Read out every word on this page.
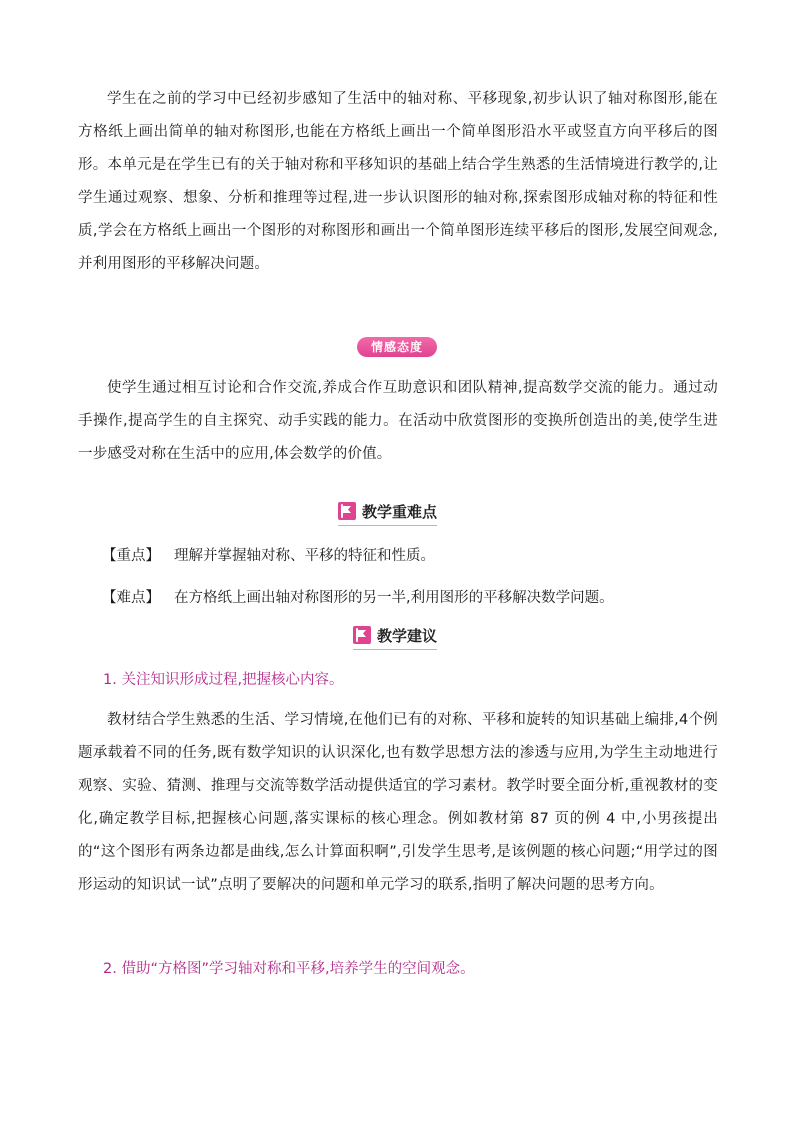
学生在之前的学习中已经初步感知了生活中的轴对称、平移现象,初步认识了轴对称图形,能在方格纸上画出简单的轴对称图形,也能在方格纸上画出一个简单图形沿水平或竖直方向平移后的图形。本单元是在学生已有的关于轴对称和平移知识的基础上结合学生熟悉的生活情境进行教学的,让学生通过观察、想象、分析和推理等过程,进一步认识图形的轴对称,探索图形成轴对称的特征和性质,学会在方格纸上画出一个图形的对称图形和画出一个简单图形连续平移后的图形,发展空间观念,并利用图形的平移解决问题。

情感态度

使学生通过相互讨论和合作交流,养成合作互助意识和团队精神,提高数学交流的能力。通过动手操作,提高学生的自主探究、动手实践的能力。在活动中欣赏图形的变换所创造出的美,使学生进一步感受对称在生活中的应用,体会数学的价值。

教学重难点

【重点】 理解并掌握轴对称、平移的特征和性质。

【难点】 在方格纸上画出轴对称图形的另一半,利用图形的平移解决数学问题。

教学建议

1. 关注知识形成过程,把握核心内容。

教材结合学生熟悉的生活、学习情境,在他们已有的对称、平移和旋转的知识基础上编排,4个例题承载着不同的任务,既有数学知识的认识深化,也有数学思想方法的渗透与应用,为学生主动地进行观察、实验、猜测、推理与交流等数学活动提供适宜的学习素材。教学时要全面分析,重视教材的变化,确定教学目标,把握核心问题,落实课标的核心理念。例如教材第 87 页的例 4 中,小男孩提出的“这个图形有两条边都是曲线,怎么计算面积啊”,引发学生思考,是该例题的核心问题;“用学过的图形运动的知识试一试”点明了要解决的问题和单元学习的联系,指明了解决问题的思考方向。

2. 借助“方格图”学习轴对称和平移,培养学生的空间观念。
